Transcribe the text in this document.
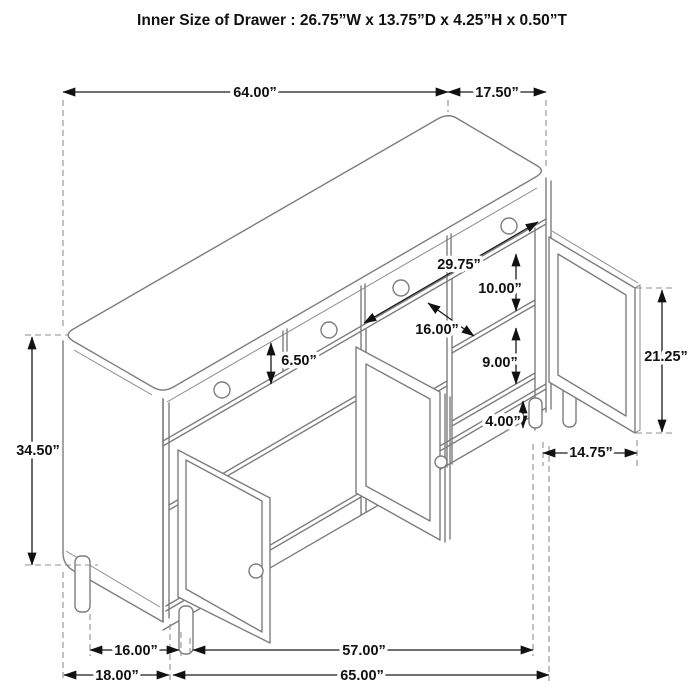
64.00”	17.50”
34.50”
6.50”
29.75”
10.00”
16.00”
9.00”
4.00”
21.25”
14.75”
16.00”	57.00”
18.00”	65.00”
Inner Size of Drawer : 26.75”W x 13.75”D x 4.25”H x 0.50”T
